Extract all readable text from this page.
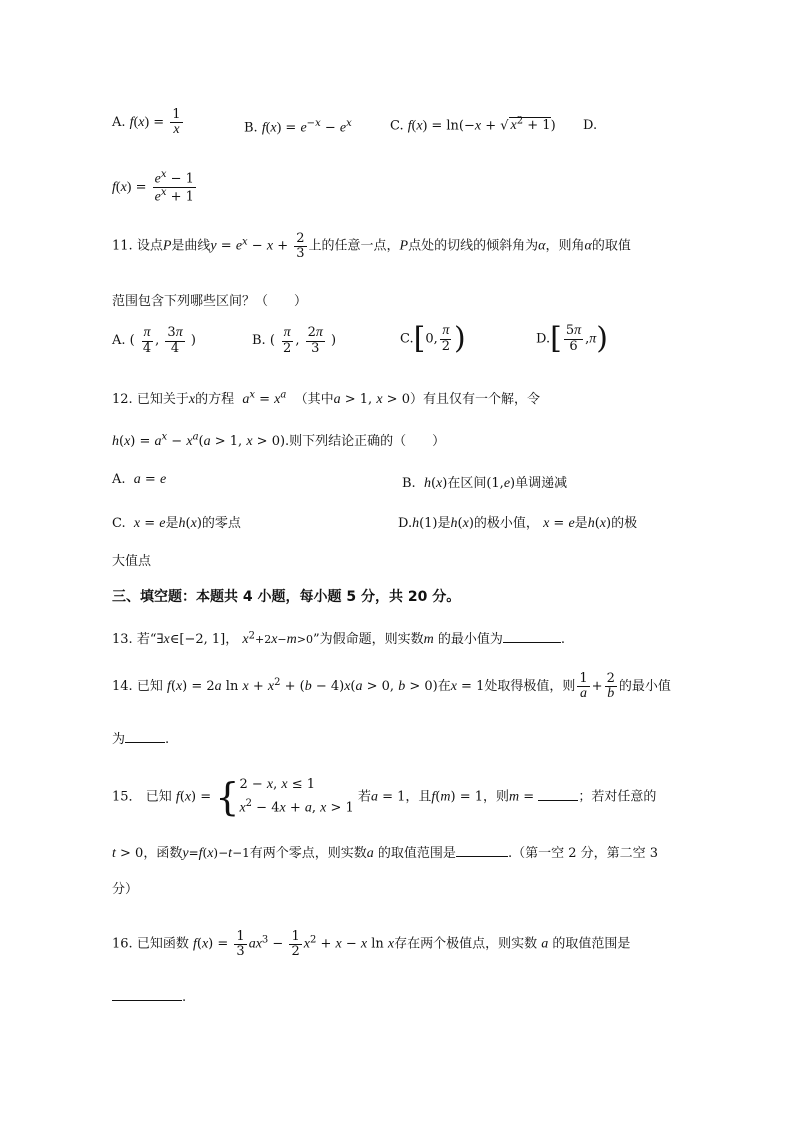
A. $f(x) = \frac{1}{x}$	B. $f(x) = e^{-x} - e^x$	C. f(x) = ln(−x + √ $x^2 + 1$) D.
$f(x) = \frac{e^x - 1}{e^x + 1}$
11. 设点P是曲线$y = e^x - x + \frac{2}{3}$ 上的任意一点，P点处的切线的倾斜角为α，则角α的取值
范围包含下列哪些区间？（　　）
A. ( $\frac{\pi}{4}$ , $\frac{3\pi}{4}$ )	B. ( $\frac{\pi}{2}$ , $\frac{2\pi}{3}$ )	C.[0, $\frac{\pi}{2}$ )	$D.[ \frac{5\pi}{6} ,\pi)$
12. 已知关于x的方程 $a^x = x^a$ （其中a > 1, x > 0）有且仅有一个解，令
$h(x) = a^x - x^a(a > 1$, x > 0).则下列结论正确的（　　）
A. a = e	B. h(x)在区间(1,e)单调递减
C. x = e是h(x)的零点	D.h(1)是h(x)的极小值， x = e是h(x)的极
大值点
三、填空题：本题共 4 小题，每小题 5 分，共 20 分。
13. 若“∃x∈[−2, 1]， x2+2x−m>0”为假命题，则实数m 的最小值为	.
14. 已知 f(x) = 2a $\ln x + x^2 + (b - 4)x(a > 0$, b > 0)在x = 1处取得极值，则 $\frac{1}{a} + \frac{2}{b}$ 的最小值
为	.
15． 已知 f(x) = { 2 − x, x ≤ 1
$x^2 - 4x + a$, x > 1
若a = 1，且f(m) = 1，则m =	；若对任意的
t > 0，函数y=f(x)−t−1有两个零点，则实数a 的取值范围是	.（第一空 2 分，第二空 3
分）
16. 已知函数 $f(x) = \frac{1}{3} ax^3 - \frac{1}{2} x^2 + x - x$ ln x存在两个极值点，则实数 a 的取值范围是
.
